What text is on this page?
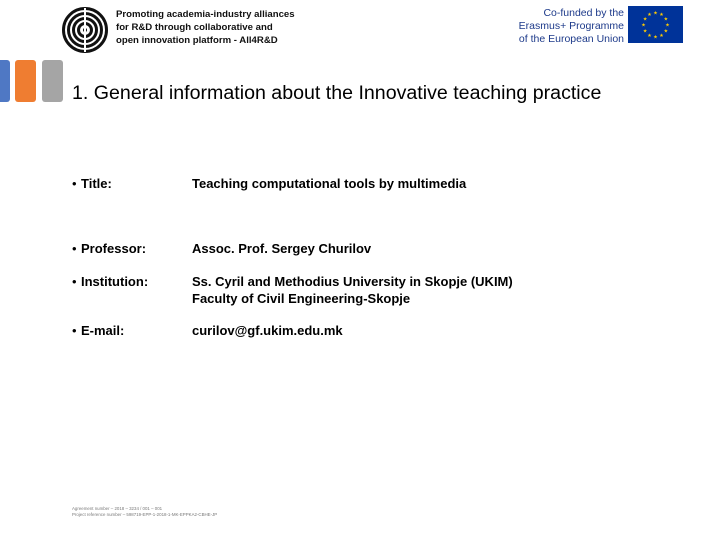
Promoting academia-industry alliances
for R&D through collaborative and
open innovation platform - All4R&D
Co-funded by the
Erasmus+ Programme
of the European Union
★ ★
★
★
★
★
★
★
★
★
★
★
1. General information about the Innovative teaching practice
• Title:	Teaching computational tools by multimedia
• Professor:	Assoc. Prof. Sergey Churilov
• Institution:	Ss. Cyril and Methodius University in Skopje (UKIM)
Faculty of Civil Engineering-Skopje
• E-mail:	curilov@gf.ukim.edu.mk
Agreement number – 2018 – 3234 / 001 – 001
Project reference number – 598719-EPP-1-2018-1-MK-EPPKA2-CBHE-JP
